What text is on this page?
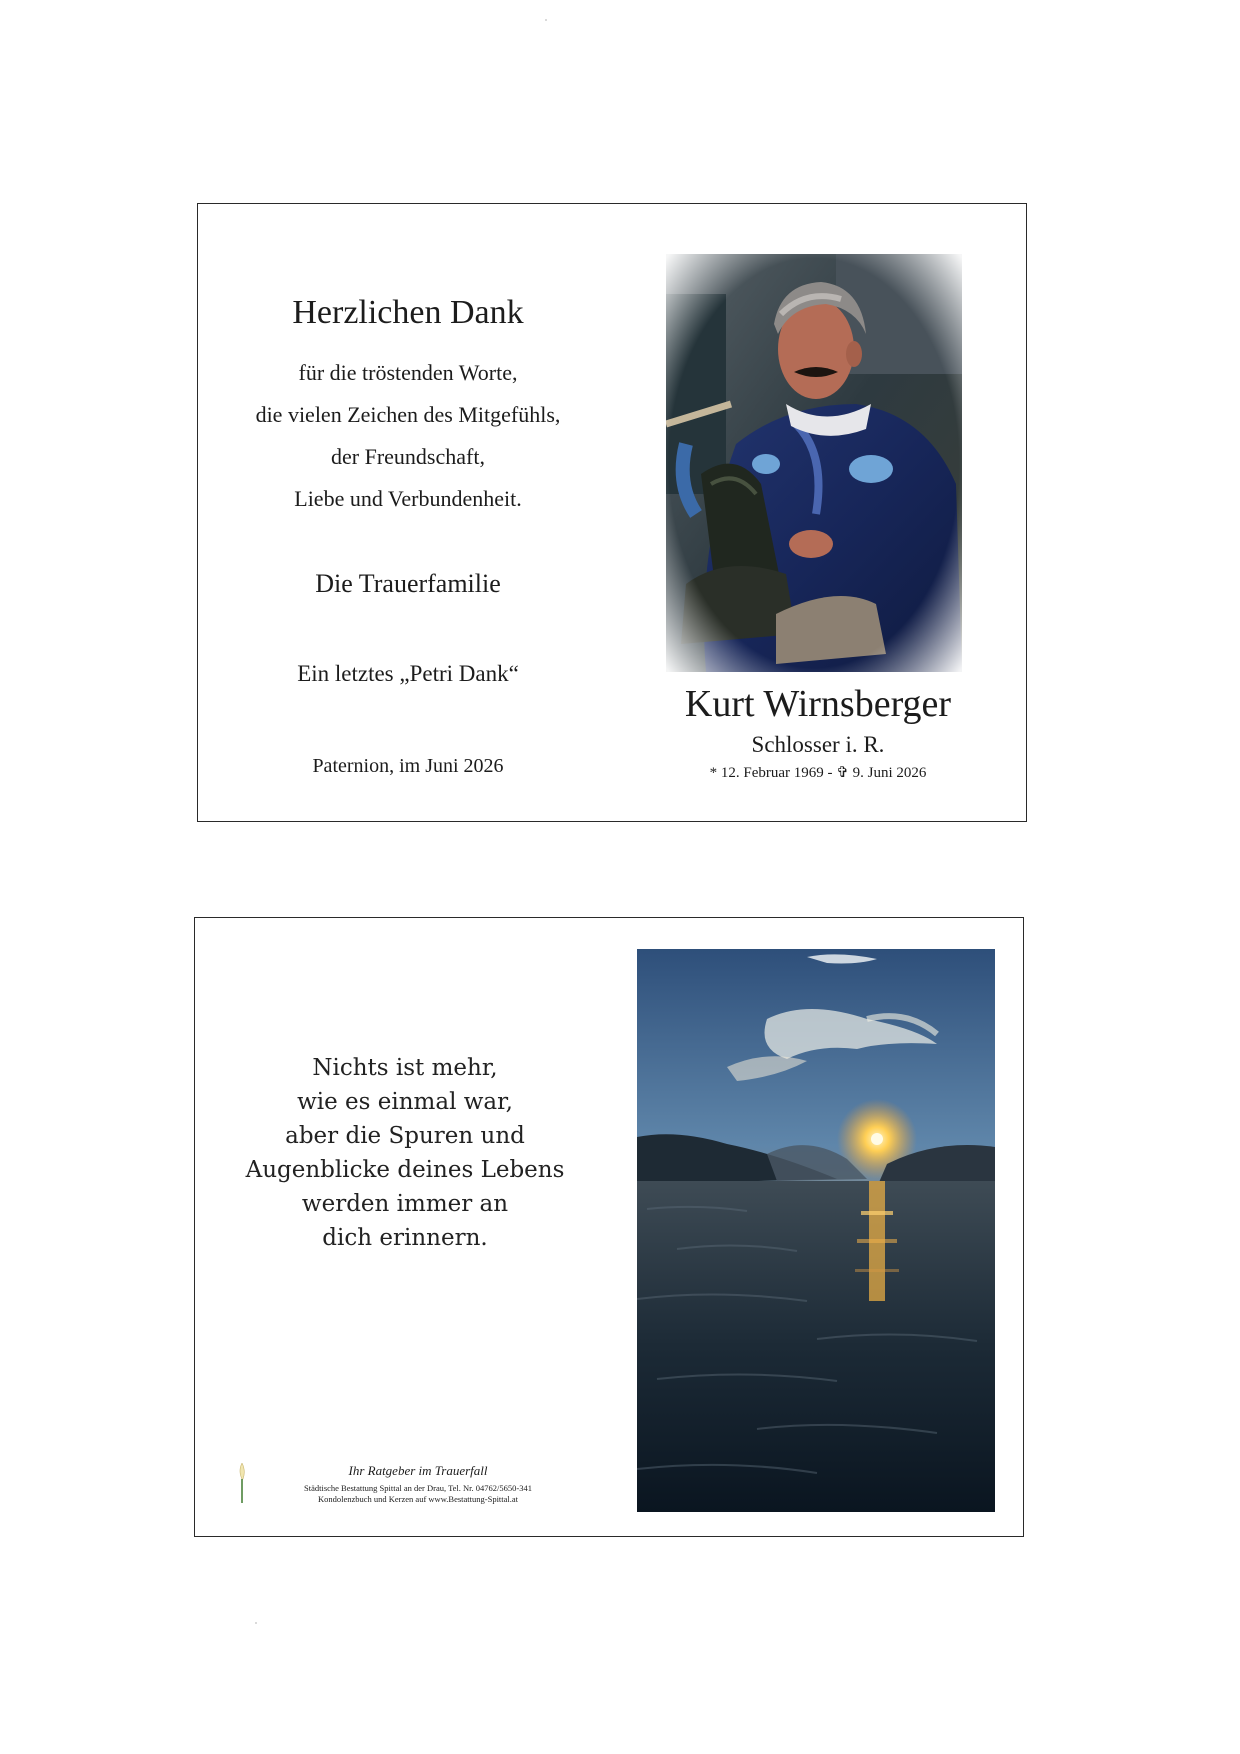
Herzlichen Dank
für die tröstenden Worte,
die vielen Zeichen des Mitgefühls,
der Freundschaft,
Liebe und Verbundenheit.
Die Trauerfamilie
Ein letztes „Petri Dank“
Paternion, im Juni 2026
Kurt Wirnsberger
Schlosser i. R.
* 12. Februar 1969 - ✞ 9. Juni 2026
Nichts ist mehr,
wie es einmal war,
aber die Spuren und
Augenblicke deines Lebens
werden immer an
dich erinnern.
Ihr Ratgeber im Trauerfall
Städtische Bestattung Spittal an der Drau, Tel. Nr. 04762/5650-341
Kondolenzbuch und Kerzen auf www.Bestattung-Spittal.at
